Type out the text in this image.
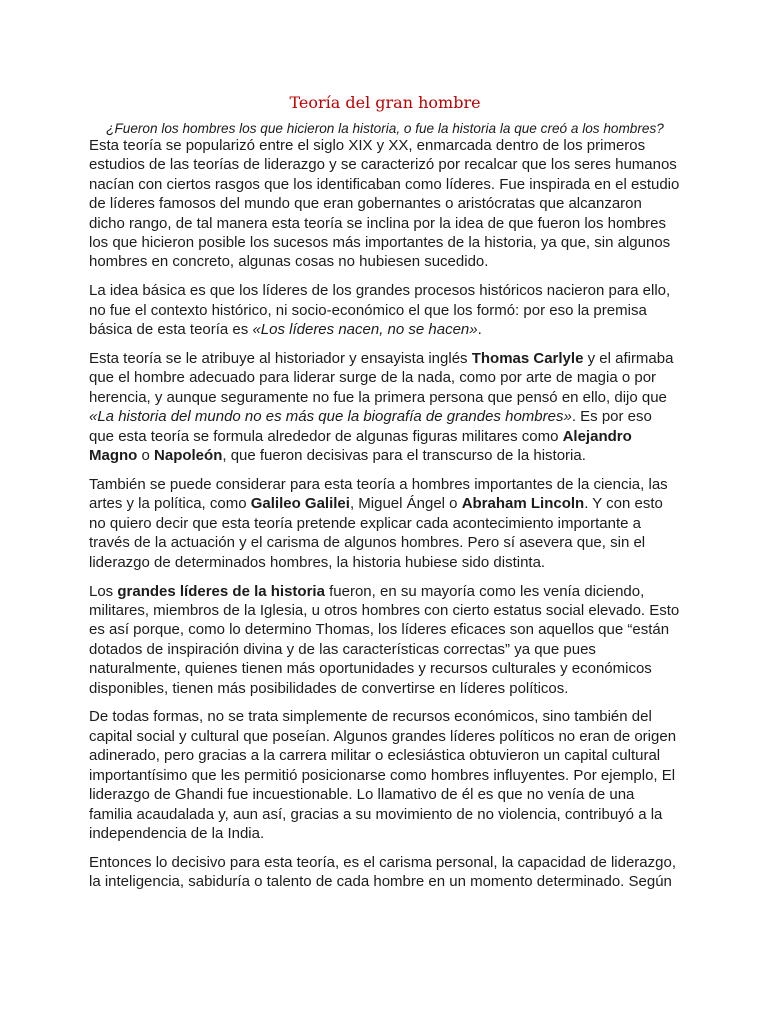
Teoría del gran hombre

¿Fueron los hombres los que hicieron la historia, o fue la historia la que creó a los hombres?

Esta teoría se popularizó entre el siglo XIX y XX, enmarcada dentro de los primeros estudios de las teorías de liderazgo y se caracterizó por recalcar que los seres humanos nacían con ciertos rasgos que los identificaban como líderes. Fue inspirada en el estudio de líderes famosos del mundo que eran gobernantes o aristócratas que alcanzaron dicho rango, de tal manera esta teoría se inclina por la idea de que fueron los hombres los que hicieron posible los sucesos más importantes de la historia, ya que, sin algunos hombres en concreto, algunas cosas no hubiesen sucedido.

La idea básica es que los líderes de los grandes procesos históricos nacieron para ello, no fue el contexto histórico, ni socio-económico el que los formó: por eso la premisa básica de esta teoría es «Los líderes nacen, no se hacen».

Esta teoría se le atribuye al historiador y ensayista inglés Thomas Carlyle y el afirmaba que el hombre adecuado para liderar surge de la nada, como por arte de magia o por herencia, y aunque seguramente no fue la primera persona que pensó en ello, dijo que «La historia del mundo no es más que la biografía de grandes hombres». Es por eso que esta teoría se formula alrededor de algunas figuras militares como Alejandro Magno o Napoleón, que fueron decisivas para el transcurso de la historia.

También se puede considerar para esta teoría a hombres importantes de la ciencia, las artes y la política, como Galileo Galilei, Miguel Ángel o Abraham Lincoln. Y con esto no quiero decir que esta teoría pretende explicar cada acontecimiento importante a través de la actuación y el carisma de algunos hombres. Pero sí asevera que, sin el liderazgo de determinados hombres, la historia hubiese sido distinta.

Los grandes líderes de la historia fueron, en su mayoría como les venía diciendo, militares, miembros de la Iglesia, u otros hombres con cierto estatus social elevado. Esto es así porque, como lo determino Thomas, los líderes eficaces son aquellos que “están dotados de inspiración divina y de las características correctas” ya que pues naturalmente, quienes tienen más oportunidades y recursos culturales y económicos disponibles, tienen más posibilidades de convertirse en líderes políticos.

De todas formas, no se trata simplemente de recursos económicos, sino también del capital social y cultural que poseían. Algunos grandes líderes políticos no eran de origen adinerado, pero gracias a la carrera militar o eclesiástica obtuvieron un capital cultural importantísimo que les permitió posicionarse como hombres influyentes. Por ejemplo, El liderazgo de Ghandi fue incuestionable. Lo llamativo de él es que no venía de una familia acaudalada y, aun así, gracias a su movimiento de no violencia, contribuyó a la independencia de la India.

Entonces lo decisivo para esta teoría, es el carisma personal, la capacidad de liderazgo, la inteligencia, sabiduría o talento de cada hombre en un momento determinado. Según
